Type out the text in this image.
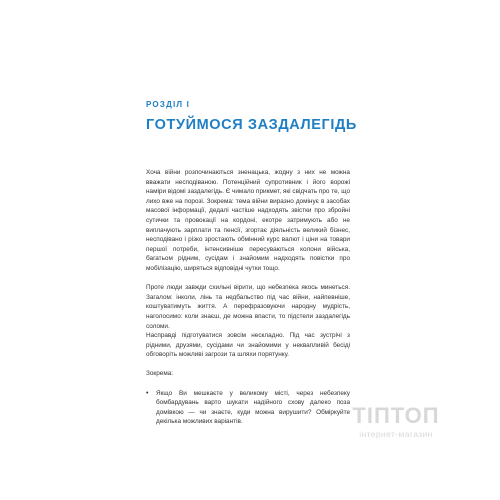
РОЗДІЛ І
ГОТУЙМОСЯ ЗАЗДАЛЕГІДЬ

Хоча війни розпочинаються зненацька, жодну з них не можна вважати несподіваною. Потенційний супротивник і його ворожі наміри відомі заздалегідь. Є чимало прикмет, які свідчать про те, що лихо вже на порозі. Зокрема: тема війни виразно домінує в засобах масової інформації, дедалі частіше надходять звістки про збройні сутички та провокації на кордоні, екотре затримують або не виплачують зарплати та пенсії, згортає діяльність великий бізнес, несподівано і різко зростають обмінний курс валют і ціни на товари першої потреби, інтенсивніше пересуваються колони війська, багатьом рідним, сусідам і знайомим надходять повістки про мобілізацію, ширяться відповідні чутки тощо.

Проте люди завжди схильні вірити, що небезпека якось минеться. Загалом: інколи, лінь та недбальство під час війни, найпевніше, коштуватимуть життя. А перефразовуючи народну мудрість, наголосимо: коли знаєш, де можна впасти, то підстели заздалегідь соломи.

Насправді підготуватися зовсім нескладно. Під час зустрічі з рідними, друзями, сусідами чи знайомими у неквапливій бесіді обговоріть можливі загрози та шляхи порятунку.

Зокрема:

•	Якщо Ви мешкаєте у великому місті, через небезпеку бомбардувань варто шукати надійного схову далеко поза домівкою — чи знаєте, куди можна вирушити? Обміркуйте декілька можливих варіантів.	ТІПТОП
інтернет-магазин
